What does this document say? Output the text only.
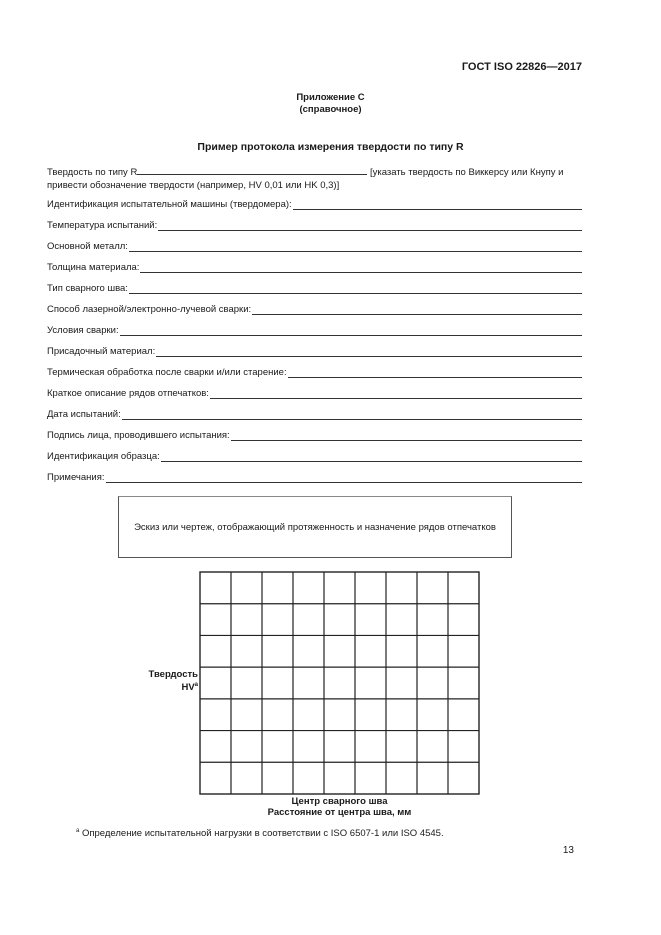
ГОСТ ISO 22826—2017
Приложение С
(справочное)
Пример протокола измерения твердости по типу R
Твердость по типу R	[указать твердость по Виккерсу или Кнупу и привести обозначение твердости (например, HV 0,01 или HK 0,3)]
Идентификация испытательной машины (твердомера):
Температура испытаний:
Основной металл:
Толщина материала:
Тип сварного шва:
Способ лазерной/электронно-лучевой сварки:
Условия сварки:
Присадочный материал:
Термическая обработка после сварки и/или старение:
Краткое описание рядов отпечатков:
Дата испытаний:
Подпись лица, проводившего испытания:
Идентификация образца:
Примечания:
Эскиз или чертеж, отображающий протяженность и назначение рядов отпечатков
Твердость
$HV^a$
Центр сварного шва
Расстояние от центра шва, мм
$^a$ Определение испытательной нагрузки в соответствии с ISO 6507-1 или ISO 4545.
13
